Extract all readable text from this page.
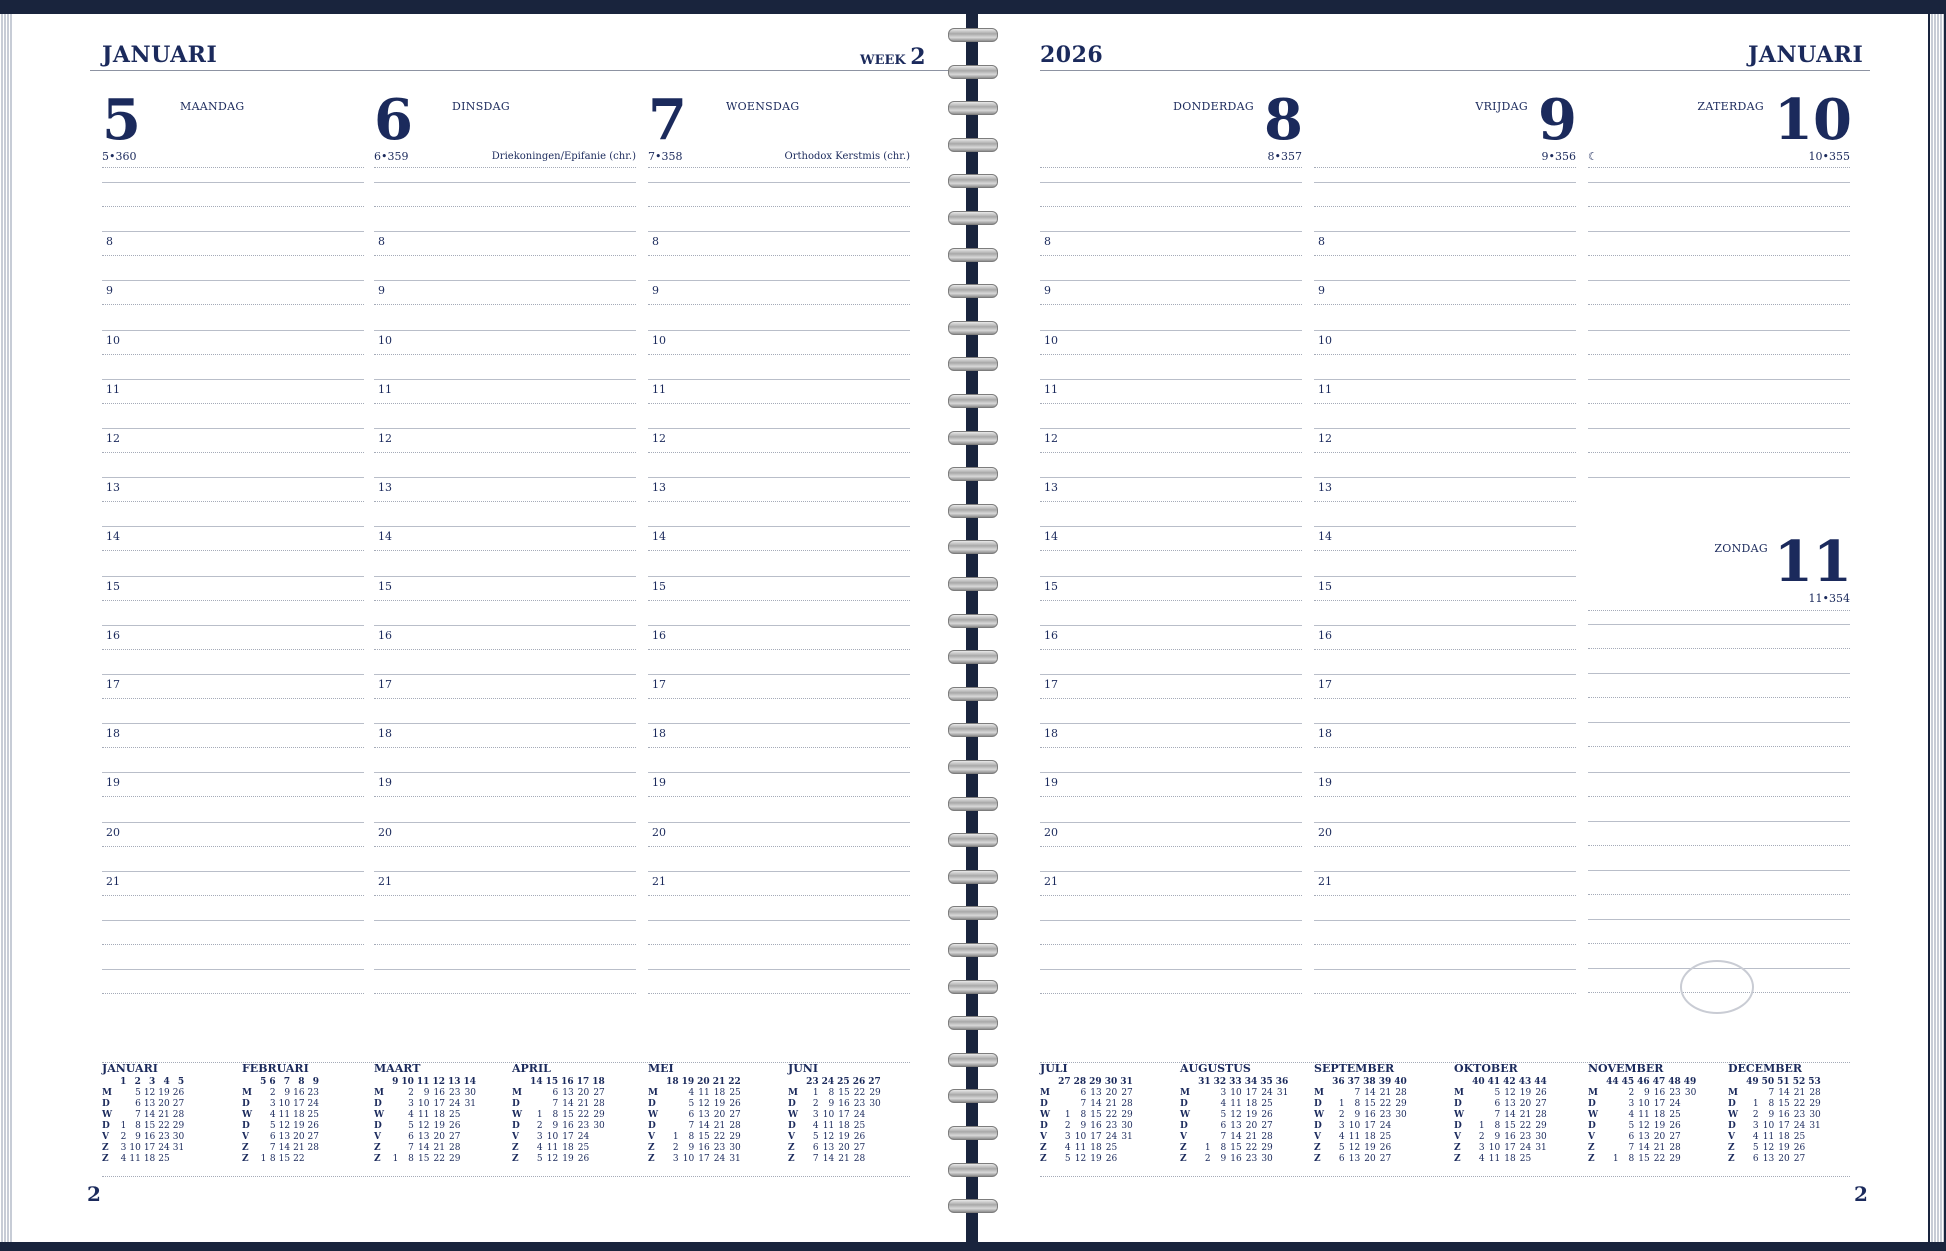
JANUARI	WEEK 2
5	MAANDAG
5•360
8
9
10
11
12
13
14
15
16
17
18
19
20
21
6	DINSDAG
6•359	Driekoningen/Epifanie (chr.)
8
9
10
11
12
13
14
15
16
17
18
19
20
21
7	WOENSDAG
7•358	Orthodox Kerstmis (chr.)
8
9
10
11
12
13
14
15
16
17
18
19
20
21
2
JANUARI
	1	2	3	4	5
M		5	12	19	26
D		6	13	20	27
W		7	14	21	28
D	1	8	15	22	29
V	2	9	16	23	30
Z	3	10	17	24	31
Z	4	11	18	25	
FEBRUARI
	5	6	7	8	9
M		2	9	16	23
D		3	10	17	24
W		4	11	18	25
D		5	12	19	26
V		6	13	20	27
Z		7	14	21	28
Z	1	8	15	22	
MAART
	9	10	11	12	13	14
M		2	9	16	23	30
D		3	10	17	24	31
W		4	11	18	25	
D		5	12	19	26	
V		6	13	20	27	
Z		7	14	21	28	
Z	1	8	15	22	29	
APRIL
	14	15	16	17	18
M		6	13	20	27
D		7	14	21	28
W	1	8	15	22	29
D	2	9	16	23	30
V	3	10	17	24	
Z	4	11	18	25	
Z	5	12	19	26	
MEI
	18	19	20	21	22
M		4	11	18	25
D		5	12	19	26
W		6	13	20	27
D		7	14	21	28
V	1	8	15	22	29
Z	2	9	16	23	30
Z	3	10	17	24	31
JUNI
	23	24	25	26	27
M	1	8	15	22	29
D	2	9	16	23	30
W	3	10	17	24	
D	4	11	18	25	
V	5	12	19	26	
Z	6	13	20	27	
Z	7	14	21	28	
2026	JANUARI
8
DONDERDAG
8•357
8
9
10
11
12
13
14
15
16
17
18
19
20
21
9
VRIJDAG
9•356
8
9
10
11
12
13
14
15
16
17
18
19
20
21
10
ZATERDAG
10•355
☾
11
ZONDAG
11•354
2
JULI
	27	28	29	30	31
M		6	13	20	27
D		7	14	21	28
W	1	8	15	22	29
D	2	9	16	23	30
V	3	10	17	24	31
Z	4	11	18	25	
Z	5	12	19	26	
AUGUSTUS
	31	32	33	34	35	36
M		3	10	17	24	31
D		4	11	18	25	
W		5	12	19	26	
D		6	13	20	27	
V		7	14	21	28	
Z	1	8	15	22	29	
Z	2	9	16	23	30	
SEPTEMBER
	36	37	38	39	40
M		7	14	21	28
D	1	8	15	22	29
W	2	9	16	23	30
D	3	10	17	24	
V	4	11	18	25	
Z	5	12	19	26	
Z	6	13	20	27	
OKTOBER
	40	41	42	43	44
M		5	12	19	26
D		6	13	20	27
W		7	14	21	28
D	1	8	15	22	29
V	2	9	16	23	30
Z	3	10	17	24	31
Z	4	11	18	25	
NOVEMBER
	44	45	46	47	48	49
M		2	9	16	23	30
D		3	10	17	24	
W		4	11	18	25	
D		5	12	19	26	
V		6	13	20	27	
Z		7	14	21	28	
Z	1	8	15	22	29	
DECEMBER
	49	50	51	52	53
M		7	14	21	28
D	1	8	15	22	29
W	2	9	16	23	30
D	3	10	17	24	31
V	4	11	18	25	
Z	5	12	19	26	
Z	6	13	20	27	
